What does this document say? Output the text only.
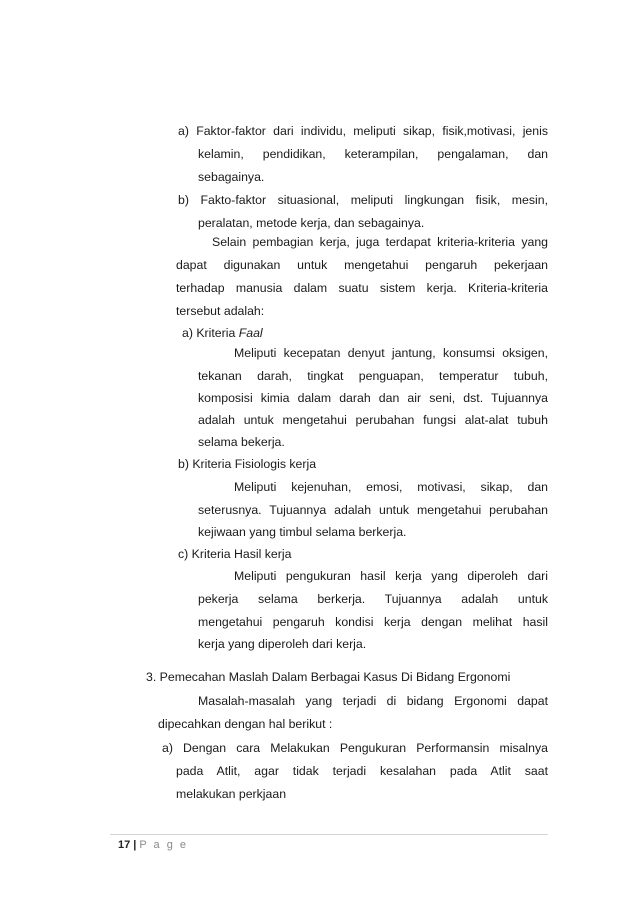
a) Faktor-faktor dari individu, meliputi sikap, fisik,motivasi, jenis
kelamin, pendidikan, keterampilan, pengalaman, dan
sebagainya.
b) Fakto-faktor situasional, meliputi lingkungan fisik, mesin,
peralatan, metode kerja, dan sebagainya.
Selain pembagian kerja, juga terdapat kriteria-kriteria yang
dapat digunakan untuk mengetahui pengaruh pekerjaan
terhadap manusia dalam suatu sistem kerja. Kriteria-kriteria
tersebut adalah:
a) Kriteria Faal
Meliputi kecepatan denyut jantung, konsumsi oksigen,
tekanan darah, tingkat penguapan, temperatur tubuh,
komposisi kimia dalam darah dan air seni, dst. Tujuannya
adalah untuk mengetahui perubahan fungsi alat-alat tubuh
selama bekerja.
b) Kriteria Fisiologis kerja
Meliputi kejenuhan, emosi, motivasi, sikap, dan
seterusnya. Tujuannya adalah untuk mengetahui perubahan
kejiwaan yang timbul selama berkerja.
c) Kriteria Hasil kerja
Meliputi pengukuran hasil kerja yang diperoleh dari
pekerja selama berkerja. Tujuannya adalah untuk
mengetahui pengaruh kondisi kerja dengan melihat hasil
kerja yang diperoleh dari kerja.
3. Pemecahan Maslah Dalam Berbagai Kasus Di Bidang Ergonomi
Masalah-masalah yang terjadi di bidang Ergonomi dapat
dipecahkan dengan hal berikut :
a) Dengan cara Melakukan Pengukuran Performansin misalnya
pada Atlit, agar tidak terjadi kesalahan pada Atlit saat
melakukan perkjaan
17 | P a g e
